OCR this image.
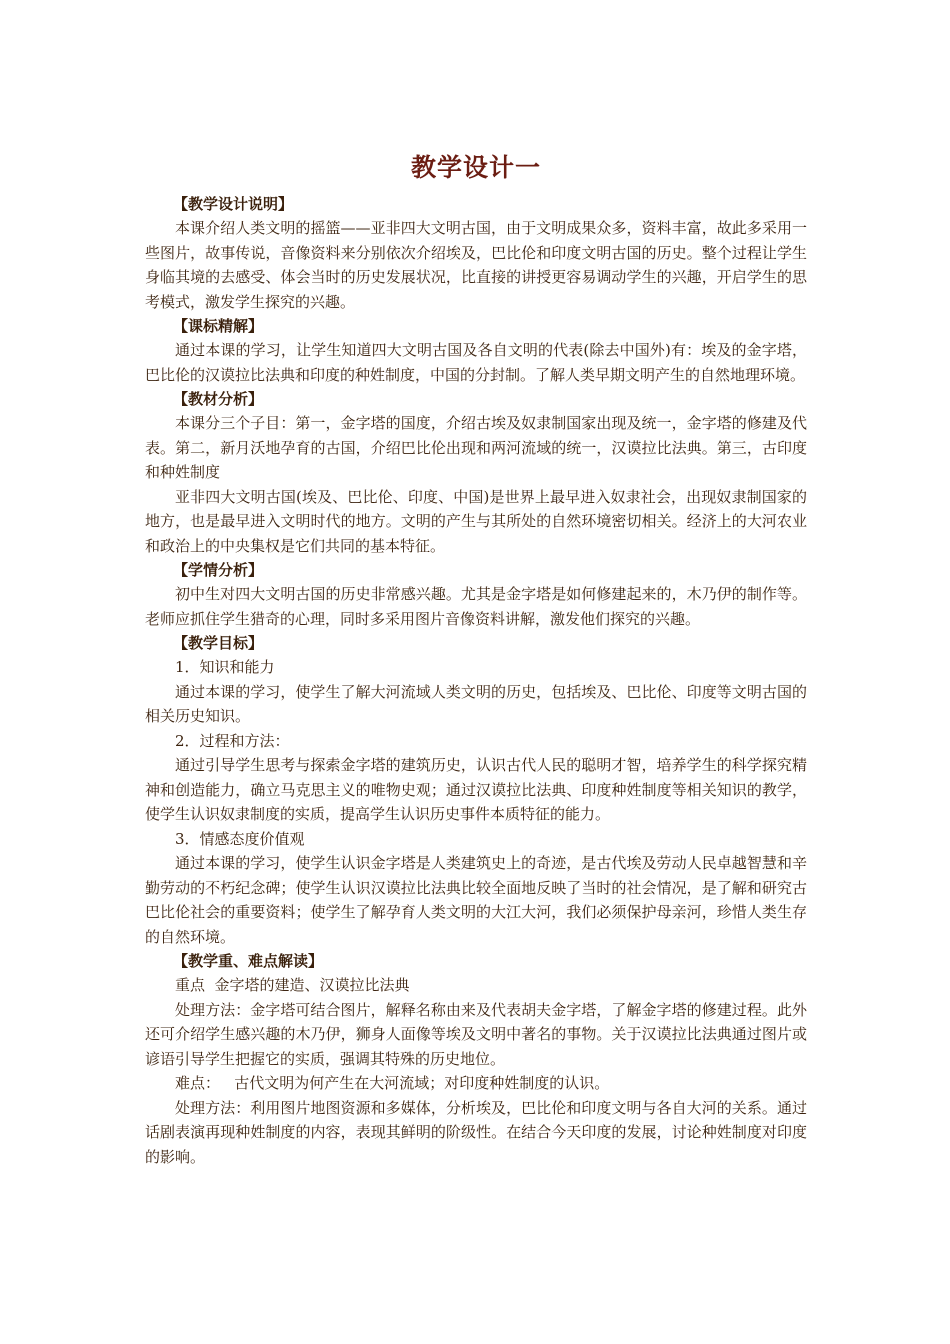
教学设计一
【教学设计说明】

本课介绍人类文明的摇篮——亚非四大文明古国，由于文明成果众多，资料丰富，故此多采用一些图片，故事传说，音像资料来分别依次介绍埃及，巴比伦和印度文明古国的历史。整个过程让学生身临其境的去感受、体会当时的历史发展状况，比直接的讲授更容易调动学生的兴趣，开启学生的思考模式，激发学生探究的兴趣。

【课标精解】

通过本课的学习，让学生知道四大文明古国及各自文明的代表(除去中国外)有：埃及的金字塔，巴比伦的汉谟拉比法典和印度的种姓制度，中国的分封制。了解人类早期文明产生的自然地理环境。

【教材分析】

本课分三个子目：第一，金字塔的国度，介绍古埃及奴隶制国家出现及统一，金字塔的修建及代表。第二，新月沃地孕育的古国，介绍巴比伦出现和两河流域的统一，汉谟拉比法典。第三，古印度和种姓制度

亚非四大文明古国(埃及、巴比伦、印度、中国)是世界上最早进入奴隶社会，出现奴隶制国家的地方，也是最早进入文明时代的地方。文明的产生与其所处的自然环境密切相关。经济上的大河农业和政治上的中央集权是它们共同的基本特征。

【学情分析】

初中生对四大文明古国的历史非常感兴趣。尤其是金字塔是如何修建起来的，木乃伊的制作等。老师应抓住学生猎奇的心理，同时多采用图片音像资料讲解，激发他们探究的兴趣。

【教学目标】

1．知识和能力

通过本课的学习，使学生了解大河流域人类文明的历史，包括埃及、巴比伦、印度等文明古国的相关历史知识。

2．过程和方法：

通过引导学生思考与探索金字塔的建筑历史，认识古代人民的聪明才智，培养学生的科学探究精神和创造能力，确立马克思主义的唯物史观；通过汉谟拉比法典、印度种姓制度等相关知识的教学，使学生认识奴隶制度的实质，提高学生认识历史事件本质特征的能力。

3．情感态度价值观

通过本课的学习，使学生认识金字塔是人类建筑史上的奇迹，是古代埃及劳动人民卓越智慧和辛勤劳动的不朽纪念碑；使学生认识汉谟拉比法典比较全面地反映了当时的社会情况，是了解和研究古巴比伦社会的重要资料；使学生了解孕育人类文明的大江大河，我们必须保护母亲河，珍惜人类生存的自然环境。

【教学重、难点解读】

重点  金字塔的建造、汉谟拉比法典

处理方法：金字塔可结合图片，解释名称由来及代表胡夫金字塔，了解金字塔的修建过程。此外还可介绍学生感兴趣的木乃伊，狮身人面像等埃及文明中著名的事物。关于汉谟拉比法典通过图片或谚语引导学生把握它的实质，强调其特殊的历史地位。

难点：   古代文明为何产生在大河流域；对印度种姓制度的认识。

处理方法：利用图片地图资源和多媒体，分析埃及，巴比伦和印度文明与各自大河的关系。通过话剧表演再现种姓制度的内容，表现其鲜明的阶级性。在结合今天印度的发展，讨论种姓制度对印度的影响。
